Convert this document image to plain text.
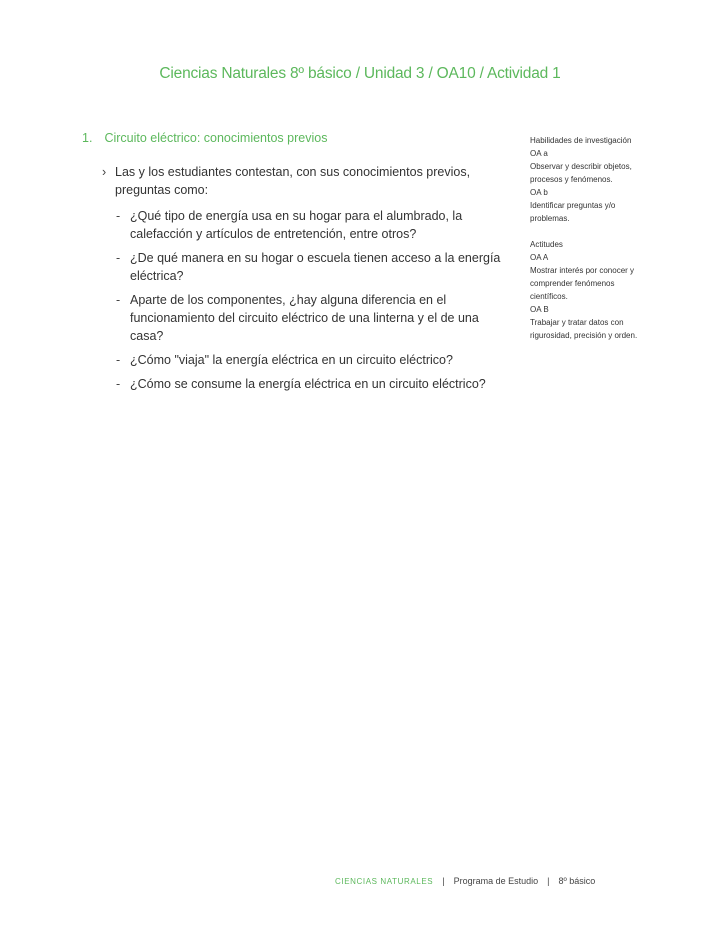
Ciencias Naturales 8º básico / Unidad 3 / OA10 / Actividad 1
1. Circuito eléctrico: conocimientos previos
› Las y los estudiantes contestan, con sus conocimientos previos, preguntas como:
- ¿Qué tipo de energía usa en su hogar para el alumbrado, la calefacción y artículos de entretención, entre otros?
- ¿De qué manera en su hogar o escuela tienen acceso a la energía eléctrica?
- Aparte de los componentes, ¿hay alguna diferencia en el funcionamiento del circuito eléctrico de una linterna y el de una casa?
- ¿Cómo "viaja" la energía eléctrica en un circuito eléctrico?
- ¿Cómo se consume la energía eléctrica en un circuito eléctrico?
Habilidades de investigación
OA a
Observar y describir objetos, procesos y fenómenos.
OA b
Identificar preguntas y/o problemas.
Actitudes
OA A
Mostrar interés por conocer y comprender fenómenos científicos.
OA B
Trabajar y tratar datos con rigurosidad, precisión y orden.
CIENCIAS NATURALES | Programa de Estudio | 8º básico
